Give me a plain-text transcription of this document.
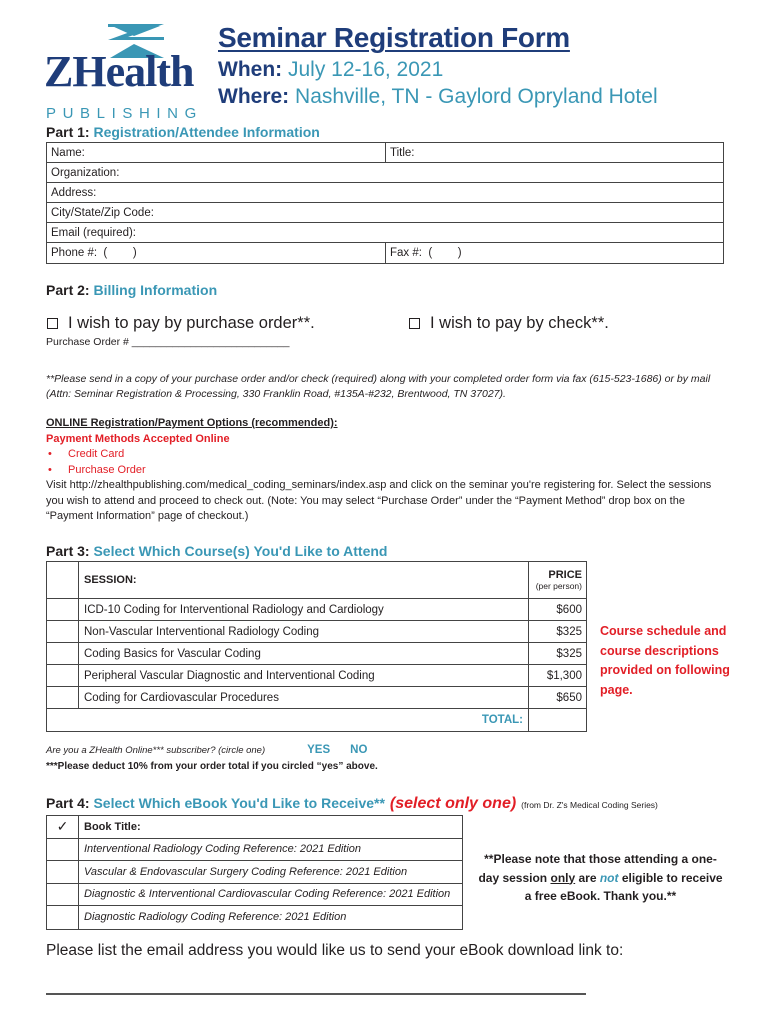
ZHealth
PUBLISHING
Seminar Registration Form
When: July 12-16, 2021
Where: Nashville, TN - Gaylord Opryland Hotel
Part 1: Registration/Attendee Information
Name:	Title:
Organization:
Address:
City/State/Zip Code:
Email (required):
Phone #:  (        )	Fax #:  (        )
Part 2: Billing Information
I wish to pay by purchase order**.	I wish to pay by check**.
Purchase Order # ___________________________
**Please send in a copy of your purchase order and/or check (required) along with your completed order form via fax (615-523-1686) or by mail (Attn: Seminar Registration & Processing, 330 Franklin Road, #135A-#232, Brentwood, TN 37027).
ONLINE Registration/Payment Options (recommended):
Payment Methods Accepted Online
•	Credit Card
•	Purchase Order
Visit http://zhealthpublishing.com/medical_coding_seminars/index.asp and click on the seminar you're registering for. Select the sessions you wish to attend and proceed to check out. (Note: You may select “Purchase Order” under the “Payment Method” drop box on the “Payment Information” page of checkout.)
Part 3: Select Which Course(s) You'd Like to Attend
SESSION:	PRICE
(per person)
ICD-10 Coding for Interventional Radiology and Cardiology	$600
Non-Vascular Interventional Radiology Coding	$325
Coding Basics for Vascular Coding	$325
Peripheral Vascular Diagnostic and Interventional Coding	$1,300
Coding for Cardiovascular Procedures	$650
TOTAL:
Course schedule and course descriptions provided on following page.
Are you a ZHealth Online*** subscriber? (circle one)	YES NO
***Please deduct 10% from your order total if you circled “yes” above.
Part 4:
Select Which eBook You'd Like to Receive** (select only one) (from Dr. Z's Medical Coding Series)
✓	Book Title:
Interventional Radiology Coding Reference: 2021 Edition
Vascular & Endovascular Surgery Coding Reference: 2021 Edition
Diagnostic & Interventional Cardiovascular Coding Reference: 2021 Edition
Diagnostic Radiology Coding Reference: 2021 Edition
**Please note that those attending a one-day session only are not eligible to receive a free eBook. Thank you.**
Please list the email address you would like us to send your eBook download link to:
